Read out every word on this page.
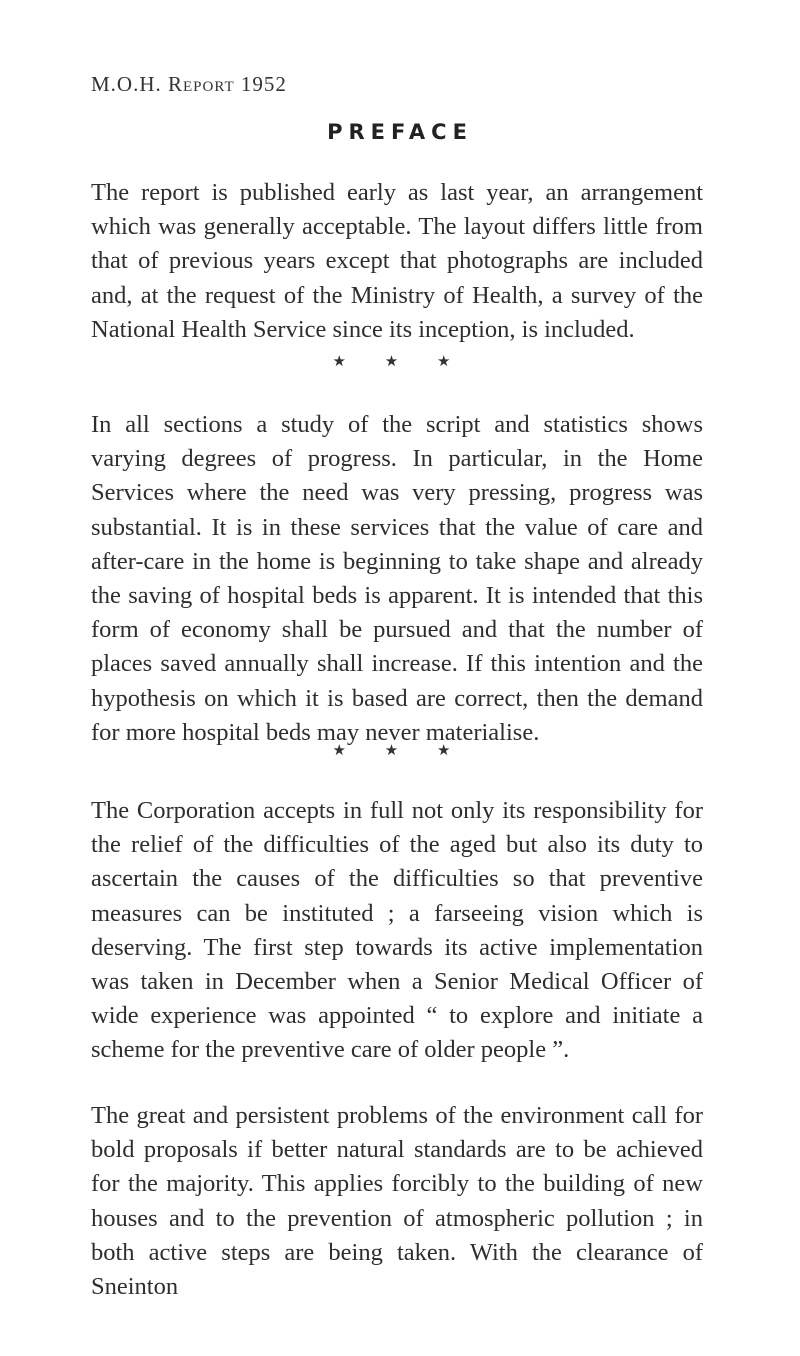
M.O.H. Report 1952
PREFACE

The report is published early as last year, an arrangement which was generally acceptable. The layout differs little from that of previous years except that photographs are included and, at the request of the Ministry of Health, a survey of the National Health Service since its inception, is included.

★ ★ ★

In all sections a study of the script and statistics shows varying degrees of progress. In particular, in the Home Services where the need was very pressing, progress was substantial. It is in these services that the value of care and after-care in the home is beginning to take shape and already the saving of hospital beds is apparent. It is intended that this form of economy shall be pursued and that the number of places saved annually shall increase. If this intention and the hypothesis on which it is based are correct, then the demand for more hospital beds may never materialise.

★ ★ ★

The Corporation accepts in full not only its responsibility for the relief of the difficulties of the aged but also its duty to ascertain the causes of the difficulties so that preventive measures can be instituted ; a farseeing vision which is deserving. The first step towards its active implementation was taken in December when a Senior Medical Officer of wide experience was appointed “ to explore and initiate a scheme for the preventive care of older people ”.

The great and persistent problems of the environment call for bold proposals if better natural standards are to be achieved for the majority. This applies forcibly to the building of new houses and to the prevention of atmospheric pollution ; in both active steps are being taken. With the clearance of Sneinton
